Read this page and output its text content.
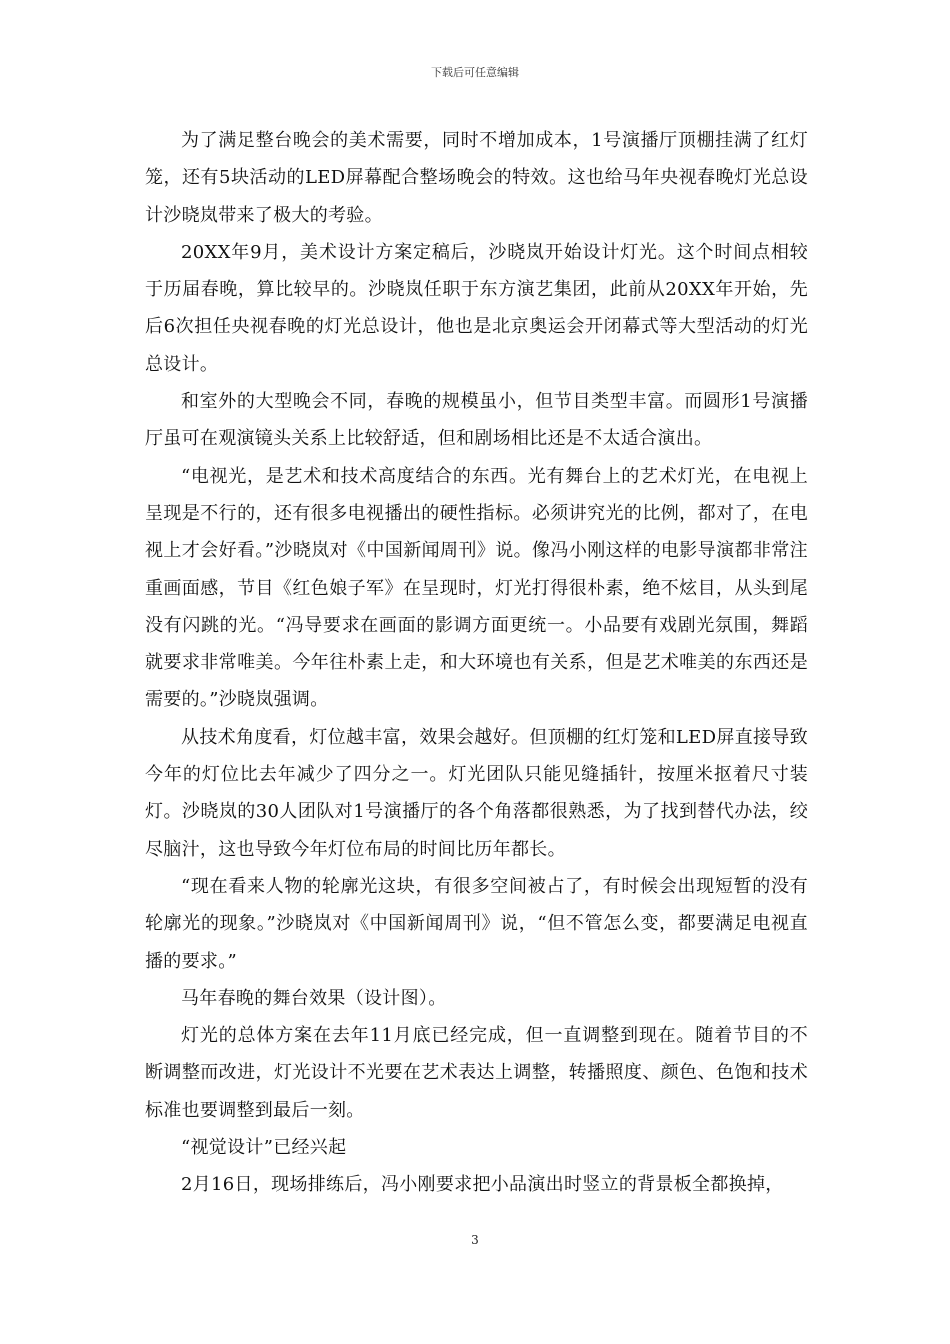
下载后可任意编辑

为了满足整台晚会的美术需要，同时不增加成本，1号演播厅顶棚挂满了红灯笼，还有5块活动的LED屏幕配合整场晚会的特效。这也给马年央视春晚灯光总设计沙晓岚带来了极大的考验。

20XX年9月，美术设计方案定稿后，沙晓岚开始设计灯光。这个时间点相较于历届春晚，算比较早的。沙晓岚任职于东方演艺集团，此前从20XX年开始，先后6次担任央视春晚的灯光总设计，他也是北京奥运会开闭幕式等大型活动的灯光总设计。

和室外的大型晚会不同，春晚的规模虽小，但节目类型丰富。而圆形1号演播厅虽可在观演镜头关系上比较舒适，但和剧场相比还是不太适合演出。

“电视光，是艺术和技术高度结合的东西。光有舞台上的艺术灯光，在电视上呈现是不行的，还有很多电视播出的硬性指标。必须讲究光的比例，都对了，在电视上才会好看。”沙晓岚对《中国新闻周刊》说。像冯小刚这样的电影导演都非常注重画面感，节目《红色娘子军》在呈现时，灯光打得很朴素，绝不炫目，从头到尾没有闪跳的光。“冯导要求在画面的影调方面更统一。小品要有戏剧光氛围，舞蹈就要求非常唯美。今年往朴素上走，和大环境也有关系，但是艺术唯美的东西还是需要的。”沙晓岚强调。

从技术角度看，灯位越丰富，效果会越好。但顶棚的红灯笼和LED屏直接导致今年的灯位比去年减少了四分之一。灯光团队只能见缝插针，按厘米抠着尺寸装灯。沙晓岚的30人团队对1号演播厅的各个角落都很熟悉，为了找到替代办法，绞尽脑汁，这也导致今年灯位布局的时间比历年都长。

“现在看来人物的轮廓光这块，有很多空间被占了，有时候会出现短暂的没有轮廓光的现象。”沙晓岚对《中国新闻周刊》说，“但不管怎么变，都要满足电视直播的要求。”

马年春晚的舞台效果（设计图）。

灯光的总体方案在去年11月底已经完成，但一直调整到现在。随着节目的不断调整而改进，灯光设计不光要在艺术表达上调整，转播照度、颜色、色饱和技术标准也要调整到最后一刻。

“视觉设计”已经兴起

2月16日，现场排练后，冯小刚要求把小品演出时竖立的背景板全都换掉，

3
